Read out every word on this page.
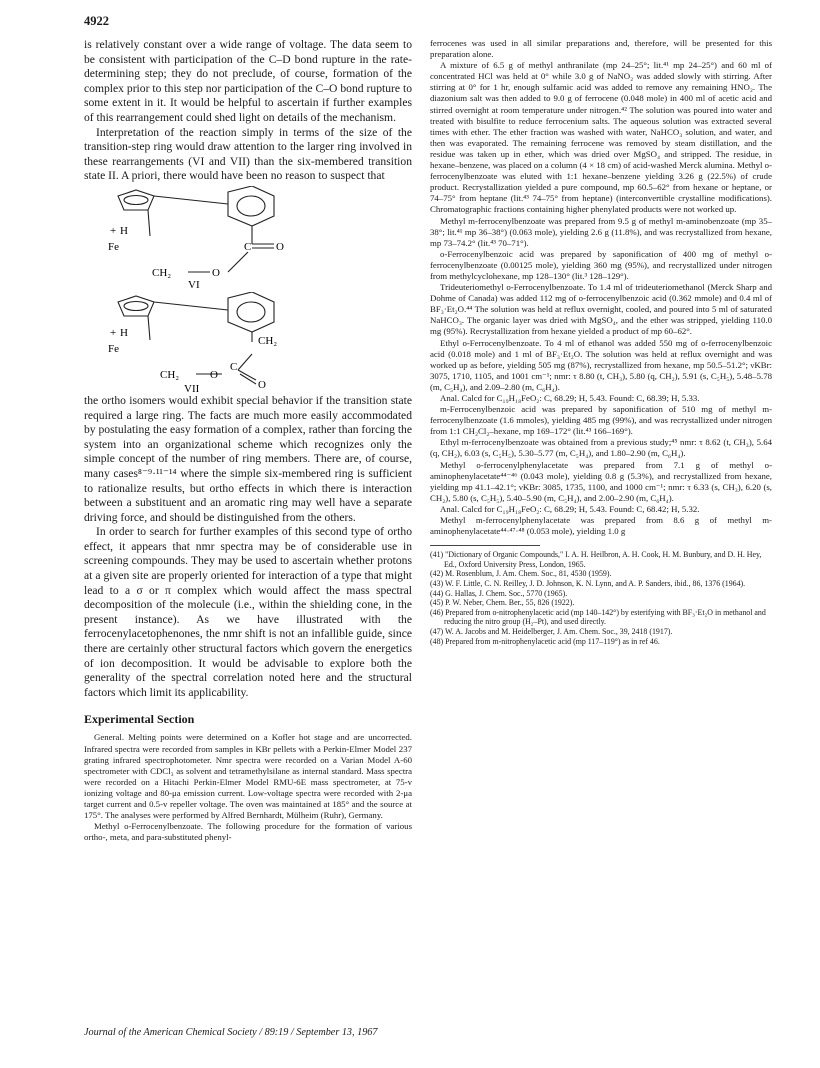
4922

is relatively constant over a wide range of voltage. The data seem to be consistent with participation of the C–D bond rupture in the rate-determining step; they do not preclude, of course, formation of the complex prior to this step nor participation of the C–O bond rupture to some extent in it. It would be helpful to ascertain if further examples of this rearrangement could shed light on details of the mechanism.

Interpretation of the reaction simply in terms of the size of the transition-step ring would draw attention to the larger ring involved in these rearrangements (VI and VII) than the six-membered transition state II. A priori, there would have been no reason to suspect that

+ H
Fe
CH₂	O
C O
VI
+ H
Fe
CH₂
CH₂	O
C
O
VII

the ortho isomers would exhibit special behavior if the transition state required a large ring. The facts are much more easily accommodated by postulating the easy formation of a complex, rather than forcing the system into an organizational scheme which recognizes only the simple concept of the number of ring members. There are, of course, many cases⁸⁻⁹·¹¹⁻¹⁴ where the simple six-membered ring is sufficient to rationalize results, but ortho effects in which there is interaction between a substituent and an aromatic ring may well have a separate driving force, and should be distinguished from the others.

In order to search for further examples of this second type of ortho effect, it appears that nmr spectra may be of considerable use in screening compounds. They may be used to ascertain whether protons at a given site are properly oriented for interaction of a type that might lead to a σ or π complex which would affect the mass spectral decomposition of the molecule (i.e., within the shielding cone, in the present instance). As we have illustrated with the ferrocenylacetophenones, the nmr shift is not an infallible guide, since there are certainly other structural factors which govern the energetics of ion decomposition. It would be advisable to explore both the generality of the spectral correlation noted here and the structural factors which limit its applicability.

Experimental Section

General. Melting points were determined on a Kofler hot stage and are uncorrected. Infrared spectra were recorded from samples in KBr pellets with a Perkin-Elmer Model 237 grating infrared spectrophotometer. Nmr spectra were recorded on a Varian Model A-60 spectrometer with CDCl₃ as solvent and tetramethylsilane as internal standard. Mass spectra were recorded on a Hitachi Perkin-Elmer Model RMU-6E mass spectrometer, at 75-v ionizing voltage and 80-μa emission current. Low-voltage spectra were recorded with 2-μa target current and 0.5-v repeller voltage. The oven was maintained at 185° and the source at 175°. The analyses were performed by Alfred Bernhardt, Mülheim (Ruhr), Germany.

Methyl o-Ferrocenylbenzoate. The following procedure for the formation of various ortho-, meta, and para-substituted phenyl-

ferrocenes was used in all similar preparations and, therefore, will be presented for this preparation alone.

A mixture of 6.5 g of methyl anthranilate (mp 24–25°; lit.⁴¹ mp 24–25°) and 60 ml of concentrated HCl was held at 0° while 3.0 g of NaNO₂ was added slowly with stirring. After stirring at 0° for 1 hr, enough sulfamic acid was added to remove any remaining HNO₂. The diazonium salt was then added to 9.0 g of ferrocene (0.048 mole) in 400 ml of acetic acid and stirred overnight at room temperature under nitrogen.⁴² The solution was poured into water and treated with bisulfite to reduce ferrocenium salts. The aqueous solution was extracted several times with ether. The ether fraction was washed with water, NaHCO₃ solution, and water, and then was evaporated. The remaining ferrocene was removed by steam distillation, and the residue was taken up in ether, which was dried over MgSO₄ and stripped. The residue, in hexane–benzene, was placed on a column (4 × 18 cm) of acid-washed Merck alumina. Methyl o-ferrocenylbenzoate was eluted with 1:1 hexane–benzene yielding 3.26 g (22.5%) of crude product. Recrystallization yielded a pure compound, mp 60.5–62° from hexane or heptane, or 74–75° from heptane (lit.⁴³ 74–75° from heptane) (interconvertible crystalline modifications). Chromatographic fractions containing higher phenylated products were not worked up.

Methyl m-ferrocenylbenzoate was prepared from 9.5 g of methyl m-aminobenzoate (mp 35–38°; lit.⁴¹ mp 36–38°) (0.063 mole), yielding 2.6 g (11.8%), and was recrystallized from hexane, mp 73–74.2° (lit.⁴³ 70–71°).

o-Ferrocenylbenzoic acid was prepared by saponification of 400 mg of methyl o-ferrocenylbenzoate (0.00125 mole), yielding 360 mg (95%), and recrystallized under nitrogen from methylcyclohexane, mp 128–130° (lit.³ 128–129°).

Trideuteriomethyl o-Ferrocenylbenzoate. To 1.4 ml of trideuteriomethanol (Merck Sharp and Dohme of Canada) was added 112 mg of o-ferrocenylbenzoic acid (0.362 mmole) and 0.4 ml of BF₃·Et₂O.⁴⁴ The solution was held at reflux overnight, cooled, and poured into 5 ml of saturated NaHCO₃. The organic layer was dried with MgSO₄, and the ether was stripped, yielding 110.0 mg (95%). Recrystallization from hexane yielded a product of mp 60–62°.

Ethyl o-Ferrocenylbenzoate. To 4 ml of ethanol was added 550 mg of o-ferrocenylbenzoic acid (0.018 mole) and 1 ml of BF₃·Et₂O. The solution was held at reflux overnight and was worked up as before, yielding 505 mg (87%), recrystallized from hexane, mp 50.5–51.2°; νKBr: 3075, 1710, 1105, and 1001 cm⁻¹; nmr: τ 8.80 (t, CH₃), 5.80 (q, CH₂), 5.91 (s, C₅H₅), 5.48–5.78 (m, C₅H₄), and 2.09–2.80 (m, C₆H₄).

Anal. Calcd for C₁₉H₁₈FeO₂: C, 68.29; H, 5.43. Found: C, 68.39; H, 5.33.

m-Ferrocenylbenzoic acid was prepared by saponification of 510 mg of methyl m-ferrocenylbenzoate (1.6 mmoles), yielding 485 mg (99%), and was recrystallized under nitrogen from 1:1 CH₂Cl₂–hexane, mp 169–172° (lit.⁴³ 166–169°).

Ethyl m-ferrocenylbenzoate was obtained from a previous study;⁴⁵ nmr: τ 8.62 (t, CH₃), 5.64 (q, CH₂), 6.03 (s, C₅H₅), 5.30–5.77 (m, C₅H₄), and 1.80–2.90 (m, C₆H₄).

Methyl o-ferrocenylphenylacetate was prepared from 7.1 g of methyl o-aminophenylacetate⁴⁴⁻⁴⁶ (0.043 mole), yielding 0.8 g (5.3%), and recrystallized from hexane, yielding mp 41.1–42.1°; νKBr: 3085, 1735, 1100, and 1000 cm⁻¹; nmr: τ 6.33 (s, CH₃), 6.20 (s, CH₂), 5.80 (s, C₅H₅), 5.40–5.90 (m, C₅H₄), and 2.00–2.90 (m, C₆H₄).

Anal. Calcd for C₁₉H₁₈FeO₂: C, 68.29; H, 5.43. Found: C, 68.42; H, 5.32.

Methyl m-ferrocenylphenylacetate was prepared from 8.6 g of methyl m-aminophenylacetate⁴⁴·⁴⁷·⁴⁸ (0.053 mole), yielding 1.0 g

(41) "Dictionary of Organic Compounds," I. A. H. Heilbron, A. H. Cook, H. M. Bunbury, and D. H. Hey, Ed., Oxford University Press, London, 1965.

(42) M. Rosenblum, J. Am. Chem. Soc., 81, 4530 (1959).

(43) W. F. Little, C. N. Reilley, J. D. Johnson, K. N. Lynn, and A. P. Sanders, ibid., 86, 1376 (1964).

(44) G. Hallas, J. Chem. Soc., 5770 (1965).

(45) P. W. Neber, Chem. Ber., 55, 826 (1922).

(46) Prepared from o-nitrophenylacetic acid (mp 140–142°) by esterifying with BF₃·Et₂O in methanol and reducing the nitro group (H₂–Pt), and used directly.

(47) W. A. Jacobs and M. Heidelberger, J. Am. Chem. Soc., 39, 2418 (1917).

(48) Prepared from m-nitrophenylacetic acid (mp 117–119°) as in ref 46.

Journal of the American Chemical Society / 89:19 / September 13, 1967
